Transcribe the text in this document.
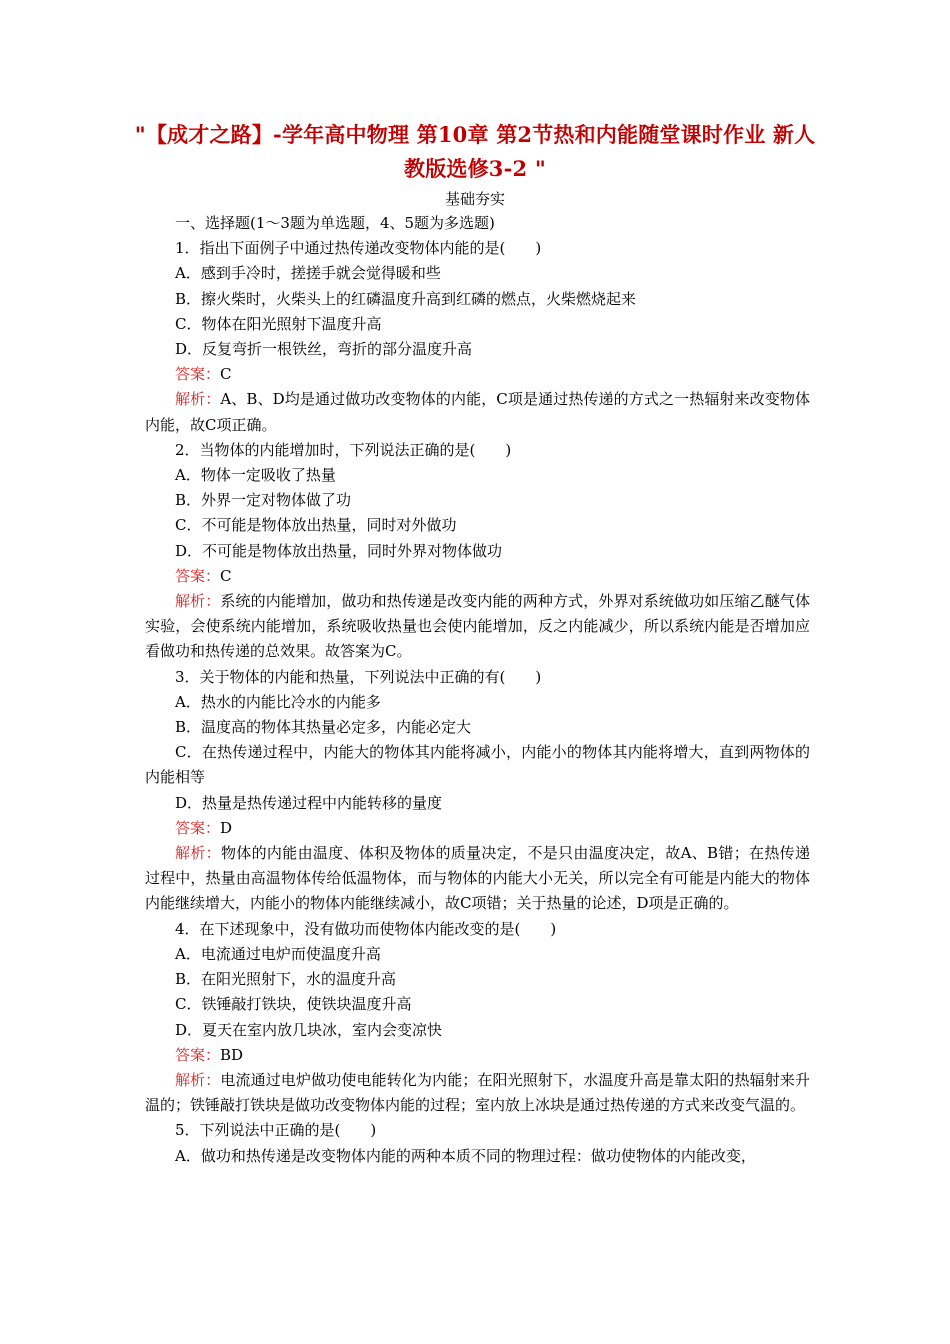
"【成才之路】-学年高中物理 第10章 第2节热和内能随堂课时作业 新人教版选修3-2 "
基础夯实

一、选择题(1～3题为单选题，4、5题为多选题)

1．指出下面例子中通过热传递改变物体内能的是(　　)

A．感到手冷时，搓搓手就会觉得暖和些

B．擦火柴时，火柴头上的红磷温度升高到红磷的燃点，火柴燃烧起来

C．物体在阳光照射下温度升高

D．反复弯折一根铁丝，弯折的部分温度升高

答案：C

解析：A、B、D均是通过做功改变物体的内能，C项是通过热传递的方式之一热辐射来改变物体内能，故C项正确。

2．当物体的内能增加时，下列说法正确的是(　　)

A．物体一定吸收了热量

B．外界一定对物体做了功

C．不可能是物体放出热量，同时对外做功

D．不可能是物体放出热量，同时外界对物体做功

答案：C

解析：系统的内能增加，做功和热传递是改变内能的两种方式，外界对系统做功如压缩乙醚气体实验，会使系统内能增加，系统吸收热量也会使内能增加，反之内能减少，所以系统内能是否增加应看做功和热传递的总效果。故答案为C。

3．关于物体的内能和热量，下列说法中正确的有(　　)

A．热水的内能比冷水的内能多

B．温度高的物体其热量必定多，内能必定大

C．在热传递过程中，内能大的物体其内能将减小，内能小的物体其内能将增大，直到两物体的内能相等

D．热量是热传递过程中内能转移的量度

答案：D

解析：物体的内能由温度、体积及物体的质量决定，不是只由温度决定，故A、B错；在热传递过程中，热量由高温物体传给低温物体，而与物体的内能大小无关，所以完全有可能是内能大的物体内能继续增大，内能小的物体内能继续减小，故C项错；关于热量的论述，D项是正确的。

4．在下述现象中，没有做功而使物体内能改变的是(　　)

A．电流通过电炉而使温度升高

B．在阳光照射下，水的温度升高

C．铁锤敲打铁块，使铁块温度升高

D．夏天在室内放几块冰，室内会变凉快

答案：BD

解析：电流通过电炉做功使电能转化为内能；在阳光照射下，水温度升高是靠太阳的热辐射来升温的；铁锤敲打铁块是做功改变物体内能的过程；室内放上冰块是通过热传递的方式来改变气温的。

5．下列说法中正确的是(　　)

A．做功和热传递是改变物体内能的两种本质不同的物理过程：做功使物体的内能改变，
